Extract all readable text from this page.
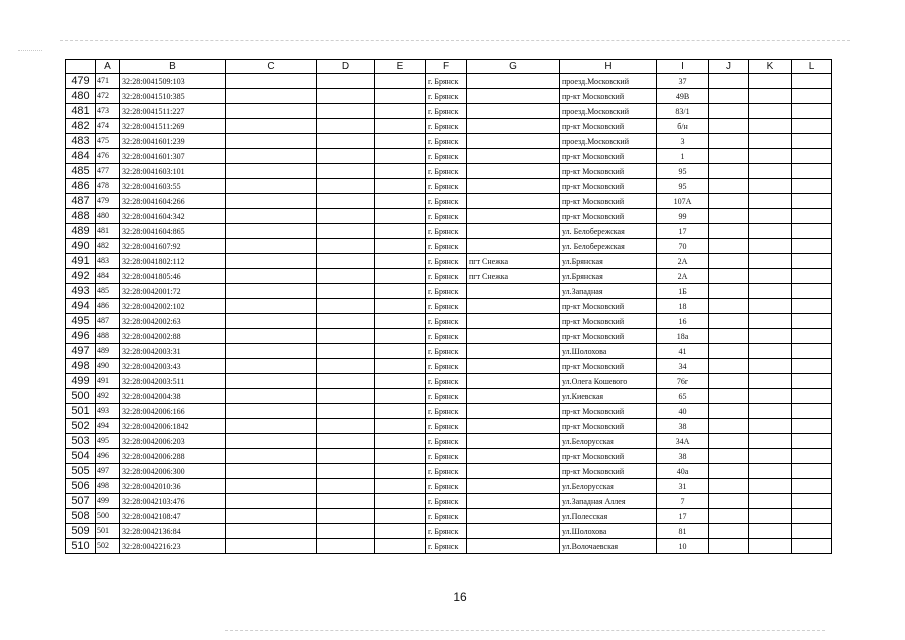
	A	B	C	D	E	F	G	H	I	J	K	L
479	471	32:28:0041509:103				г. Брянск		проезд.Московский	37			
480	472	32:28:0041510:385				г. Брянск		пр-кт Московский	49В			
481	473	32:28:0041511:227				г. Брянск		проезд.Московский	83/1			
482	474	32:28:0041511:269				г. Брянск		пр-кт Московский	б/н			
483	475	32:28:0041601:239				г. Брянск		проезд.Московский	3			
484	476	32:28:0041601:307				г. Брянск		пр-кт Московский	1			
485	477	32:28:0041603:101				г. Брянск		пр-кт Московский	95			
486	478	32:28:0041603:55				г. Брянск		пр-кт Московский	95			
487	479	32:28:0041604:266				г. Брянск		пр-кт Московский	107А			
488	480	32:28:0041604:342				г. Брянск		пр-кт Московский	99			
489	481	32:28:0041604:865				г. Брянск		ул. Белобережская	17			
490	482	32:28:0041607:92				г. Брянск		ул. Белобережская	70			
491	483	32:28:0041802:112				г. Брянск	пгт Снежка	ул.Брянская	2А			
492	484	32:28:0041805:46				г. Брянск	пгт Снежка	ул.Брянская	2А			
493	485	32:28:0042001:72				г. Брянск		ул.Западная	1Б			
494	486	32:28:0042002:102				г. Брянск		пр-кт Московский	18			
495	487	32:28:0042002:63				г. Брянск		пр-кт Московский	16			
496	488	32:28:0042002:88				г. Брянск		пр-кт Московский	18а			
497	489	32:28:0042003:31				г. Брянск		ул.Шолохова	41			
498	490	32:28:0042003:43				г. Брянск		пр-кт Московский	34			
499	491	32:28:0042003:511				г. Брянск		ул.Олега Кошевого	76г			
500	492	32:28:0042004:38				г. Брянск		ул.Киевская	65			
501	493	32:28:0042006:166				г. Брянск		пр-кт Московский	40			
502	494	32:28:0042006:1842				г. Брянск		пр-кт Московский	38			
503	495	32:28:0042006:203				г. Брянск		ул.Белорусская	34А			
504	496	32:28:0042006:288				г. Брянск		пр-кт Московский	38			
505	497	32:28:0042006:300				г. Брянск		пр-кт Московский	40а			
506	498	32:28:0042010:36				г. Брянск		ул.Белорусская	31			
507	499	32:28:0042103:476				г. Брянск		ул.Западная Аллея	7			
508	500	32:28:0042108:47				г. Брянск		ул.Полесская	17			
509	501	32:28:0042136:84				г. Брянск		ул.Шолохова	81			
510	502	32:28:0042216:23				г. Брянск		ул.Волочаевская	10			
16
